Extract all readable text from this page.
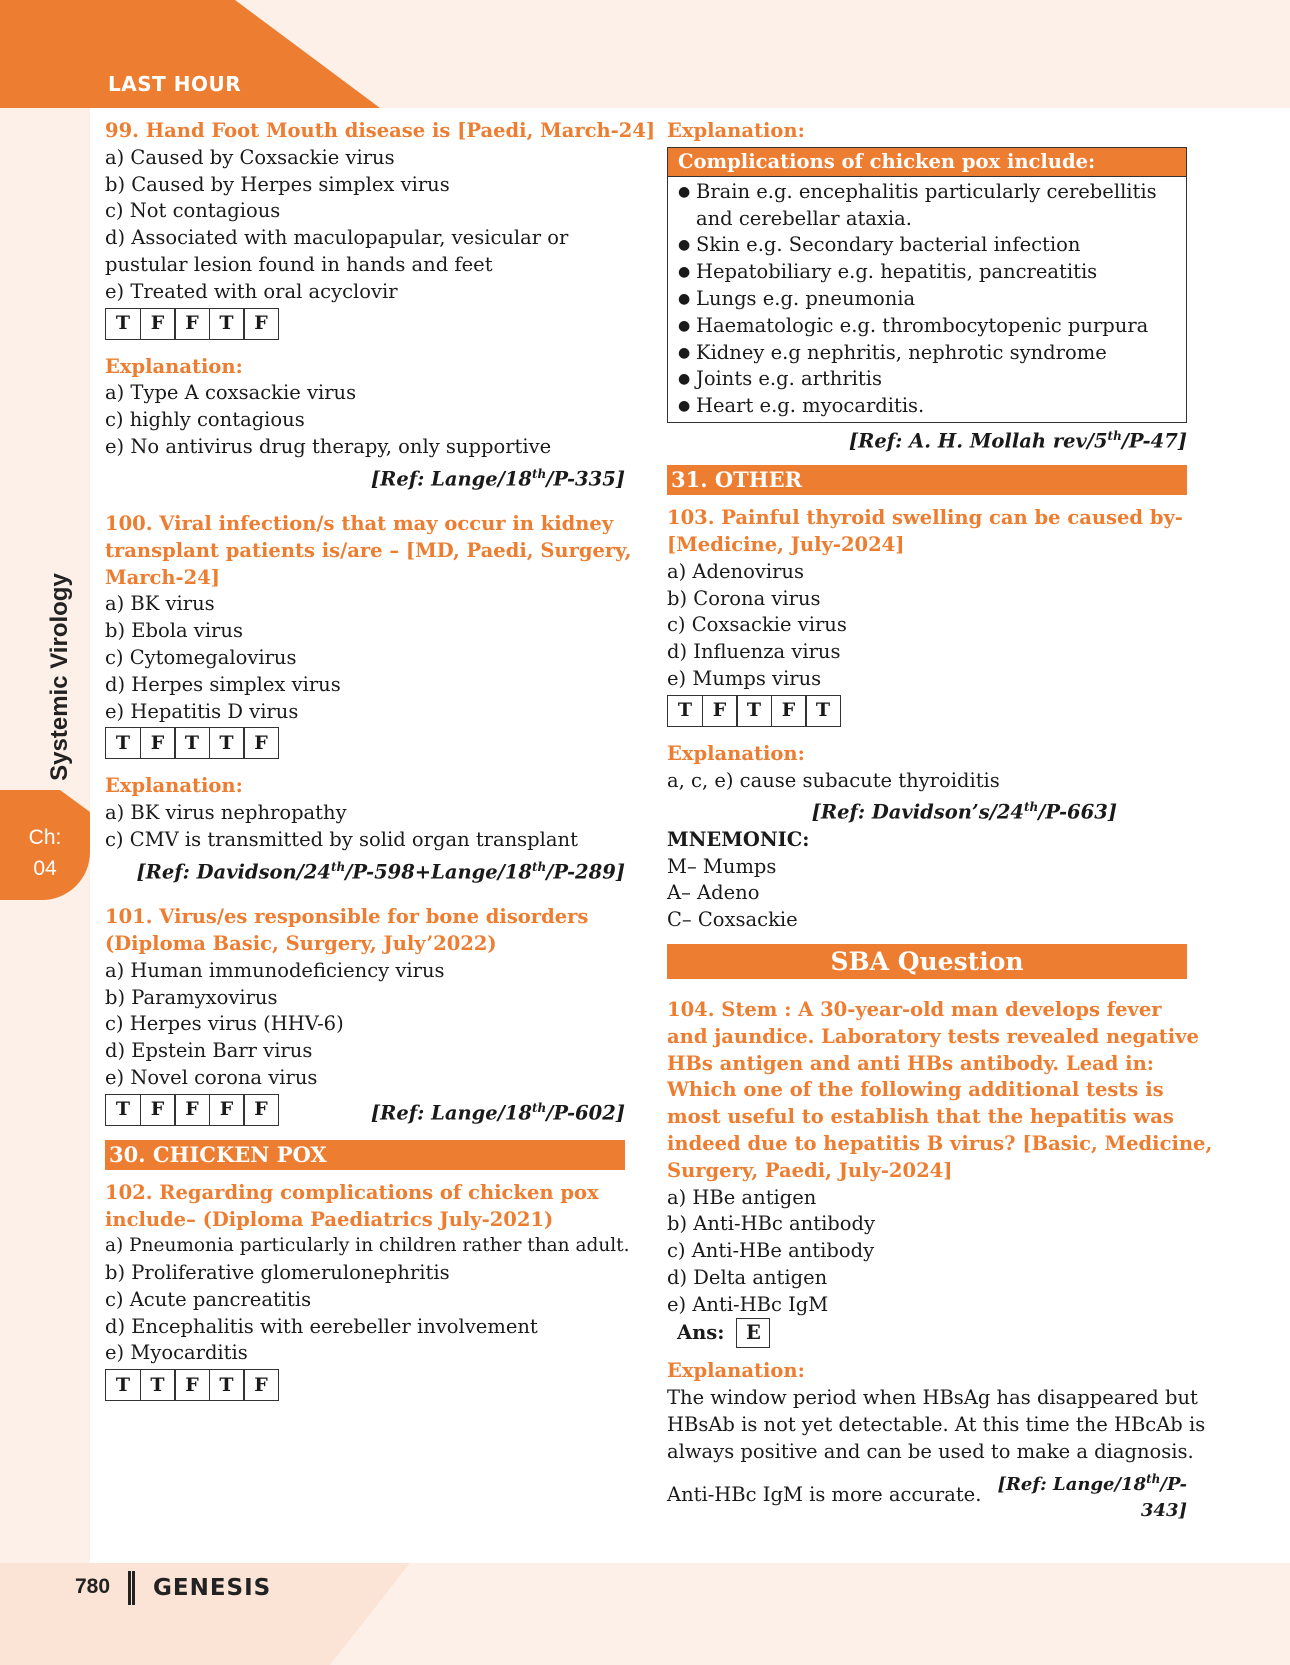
LAST HOUR
Systemic Virology
Ch:
04
780 GENESIS
99. Hand Foot Mouth disease is [Paedi, March-24]
a) Caused by Coxsackie virus
b) Caused by Herpes simplex virus
c) Not contagious
d) Associated with maculopapular, vesicular or
pustular lesion found in hands and feet
e) Treated with oral acyclovir
T	F	F	T	F
Explanation:
a) Type A coxsackie virus
c) highly contagious
e) No antivirus drug therapy, only supportive
[Ref: Lange/18th/P-335]
100. Viral infection/s that may occur in kidney
transplant patients is/are – [MD, Paedi, Surgery,
March-24]
a) BK virus
b) Ebola virus
c) Cytomegalovirus
d) Herpes simplex virus
e) Hepatitis D virus
T	F	T	T	F
Explanation:
a) BK virus nephropathy
c) CMV is transmitted by solid organ transplant
[Ref: Davidson/24th/P-598+Lange/18th/P-289]
101. Virus/es responsible for bone disorders
(Diploma Basic, Surgery, July’2022)
a) Human immunodeficiency virus
b) Paramyxovirus
c) Herpes virus (HHV-6)
d) Epstein Barr virus
e) Novel corona virus
T	F	F	F	F	[Ref: Lange/18th/P-602]
30. CHICKEN POX
102. Regarding complications of chicken pox
include– (Diploma Paediatrics July-2021)
a) Pneumonia particularly in children rather than adult.
b) Proliferative glomerulonephritis
c) Acute pancreatitis
d) Encephalitis with eerebeller involvement
e) Myocarditis
T	T	F	T	F
Explanation:
Complications of chicken pox include:
● Brain e.g. encephalitis particularly cerebellitis and cerebellar ataxia.
● Skin e.g. Secondary bacterial infection
● Hepatobiliary e.g. hepatitis, pancreatitis
● Lungs e.g. pneumonia
● Haematologic e.g. thrombocytopenic purpura
● Kidney e.g nephritis, nephrotic syndrome
● Joints e.g. arthritis
● Heart e.g. myocarditis.
[Ref: A. H. Mollah rev/5th/P-47]
31. OTHER
103. Painful thyroid swelling can be caused by-
[Medicine, July-2024]
a) Adenovirus
b) Corona virus
c) Coxsackie virus
d) Influenza virus
e) Mumps virus
T	F	T	F	T
Explanation:
a, c, e) cause subacute thyroiditis
[Ref: Davidson’s/24th/P-663]
MNEMONIC:
M– Mumps
A– Adeno
C– Coxsackie
SBA Question
104. Stem : A 30-year-old man develops fever
and jaundice. Laboratory tests revealed negative
HBs antigen and anti HBs antibody. Lead in:
Which one of the following additional tests is
most useful to establish that the hepatitis was
indeed due to hepatitis B virus? [Basic, Medicine,
Surgery, Paedi, July-2024]
a) HBe antigen
b) Anti-HBc antibody
c) Anti-HBe antibody
d) Delta antigen
e) Anti-HBc IgM
Ans:	E
Explanation:
The window period when HBsAg has disappeared but
HBsAb is not yet detectable. At this time the HBcAb is
always positive and can be used to make a diagnosis.
Anti-HBc IgM is more accurate. [Ref: Lange/18th/P-343]
